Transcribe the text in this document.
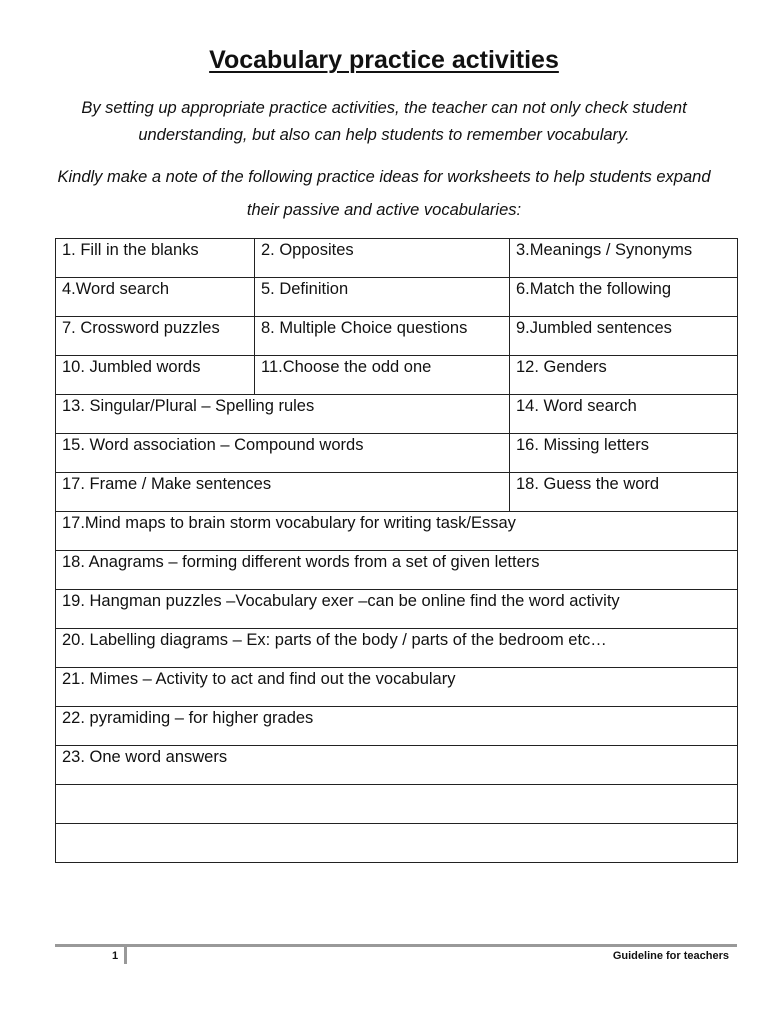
Vocabulary practice activities
By setting up appropriate practice activities, the teacher can not only check student understanding, but also can help students to remember vocabulary.
Kindly make a note of the following practice ideas for worksheets to help students expand their passive and active vocabularies:
1. Fill in the blanks	2. Opposites	3.Meanings / Synonyms
4.Word search	5. Definition	6.Match the following
7. Crossword puzzles	8. Multiple Choice questions	9.Jumbled sentences
10. Jumbled words	11.Choose the odd one	12. Genders
13. Singular/Plural – Spelling rules		14. Word search
15. Word association – Compound words		16. Missing letters
17. Frame / Make sentences		18. Guess the word
17.Mind maps to brain storm vocabulary for writing task/Essay		
18. Anagrams – forming different words from a set of given letters		
19. Hangman puzzles –Vocabulary exer –can be online find the word activity		
20. Labelling diagrams – Ex: parts of the body / parts of the bedroom etc…		
21. Mimes – Activity to act and find out the vocabulary		
22. pyramiding – for higher grades		
23. One word answers		

1	Guideline for teachers
